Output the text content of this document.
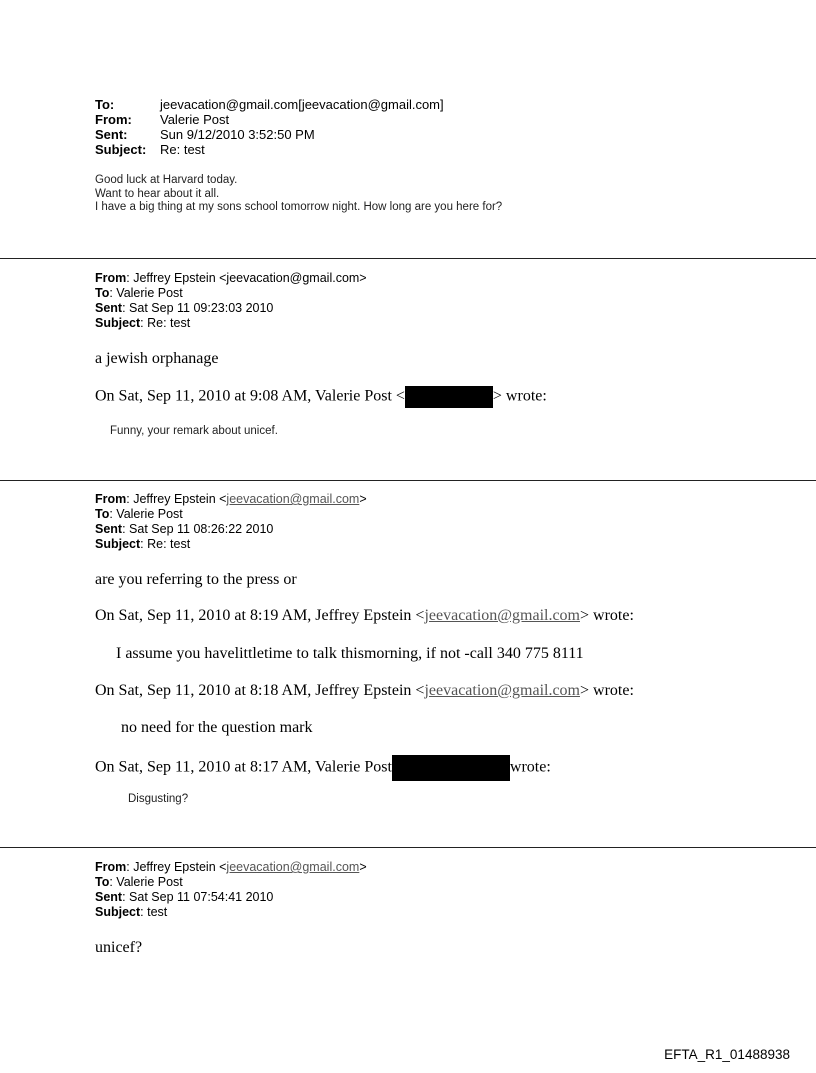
To:	jeevacation@gmail.com[jeevacation@gmail.com]
From: Valerie Post
Sent:	Sun 9/12/2010 3:52:50 PM
Subject: Re: test
Good luck at Harvard today.
Want to hear about it all.
I have a big thing at my sons school tomorrow night. How long are you here for?
From: Jeffrey Epstein <jeevacation@gmail.com>
To: Valerie Post
Sent: Sat Sep 11 09:23:03 2010
Subject: Re: test
a jewish orphanage
On Sat, Sep 11, 2010 at 9:08 AM, Valerie Post <	> wrote:
Funny, your remark about unicef.
From: Jeffrey Epstein <jeevacation@gmail.com>
To: Valerie Post
Sent: Sat Sep 11 08:26:22 2010
Subject: Re: test
are you referring to the press or
On Sat, Sep 11, 2010 at 8:19 AM, Jeffrey Epstein <jeevacation@gmail.com> wrote:
I assume you havelittletime to talk thismorning, if not -call 340 775 8111
On Sat, Sep 11, 2010 at 8:18 AM, Jeffrey Epstein <jeevacation@gmail.com> wrote:
no need for the question mark
On Sat, Sep 11, 2010 at 8:17 AM, Valerie Post	wrote:
Disgusting?
From: Jeffrey Epstein <jeevacation@gmail.com>
To: Valerie Post
Sent: Sat Sep 11 07:54:41 2010
Subject: test
unicef?
EFTA_R1_01488938
